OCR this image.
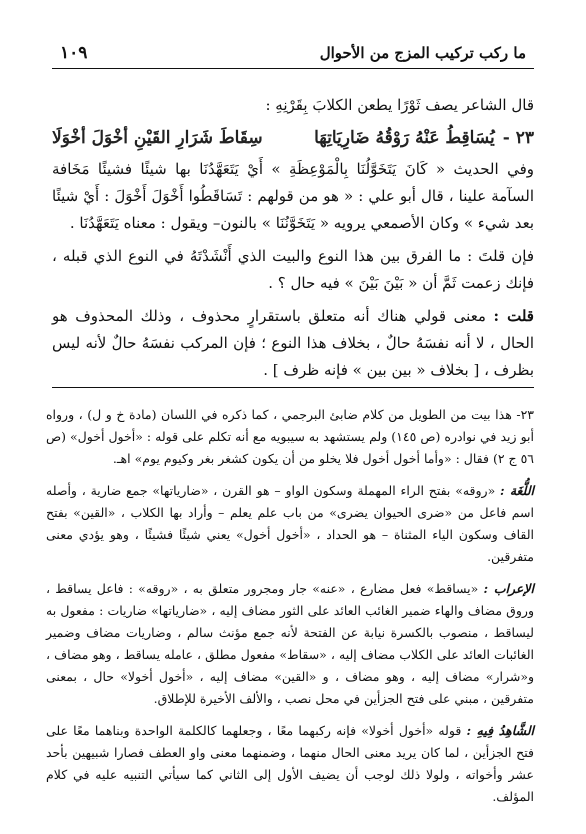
ما ركب تركيب المزج من الأحوال
١٠٩

قال الشاعر يصف ثَوْرًا يطعن الكلابَ بِقَرْنِهِ :

٢٣ -يُسَاقِطُ عَنْهُ رَوْقُهُ ضَارِيَاتِهَا
سِقَاطَ شَرَارِ القَيْنِ أخْوَلَ أخْوَلَا

وفي الحديث « كَانَ يَتَخَوَّلُنَا بِالْمَوْعِظَةِ » أَيْ يَتَعَهَّدُنَا بها شيئًا فشيئًا مَخَافة السآمة علينا ، قال أبو علي : « هو من قولهم : تَسَاقَطُوا أَخْوَلَ أَخْوَلَ : أَيْ شيئًا بعد شيء » وكان الأصمعي يرويه « يَتَخَوَّنُنَا » بالنون– ويقول : معناه يَتَعَهَّدُنَا .

فإن قلتَ : ما الفرق بين هذا النوع والبيت الذي أَنْشَدْتَهُ في النوع الذي قبله ، فإنك زعمت ثَمَّ أن « بَيْنَ بَيْنَ » فيه حال ؟ .

قلت : معنى قولي هناك أنه متعلق باستقرارٍ محذوف ، وذلك المحذوف هو الحال ، لا أنه نفسَهُ حالٌ ، بخلاف هذا النوع ؛ فإن المركب نفسَهُ حالٌ لأنه ليس بظرف ، [ بخلاف « بين بين » فإنه ظرف ] .

٢٣- هذا بيت من الطويل من كلام ضابئ البرجمي ، كما ذكره في اللسان (مادة خ و ل) ، ورواه أبو زيد في نوادره (ص ١٤٥) ولم يستشهد به سيبويه مع أنه تكلم على قوله : «أخول أخول» (ص ٥٦ ج ٢) فقال : «وأما أخول أخول فلا يخلو من أن يكون كشغر بغر وكيوم يوم» اهـ.

اللُّغَة : «روقه» بفتح الراء المهملة وسكون الواو – هو القرن ، «ضارياتها» جمع ضارية ، وأصله اسم فاعل من «ضرى الحيوان يضرى» من باب علم يعلم – وأراد بها الكلاب ، «القين» بفتح القاف وسكون الياء المثناة – هو الحداد ، «أخول أخول» يعني شيئًا فشيئًا ، وهو يؤدي معنى متفرقين.

الإعراب : «يساقط» فعل مضارع ، «عنه» جار ومجرور متعلق به ، «روقه» : فاعل يساقط ، وروق مضاف والهاء ضمير الغائب العائد على الثور مضاف إليه ، «ضارياتها» ضاريات : مفعول به ليساقط ، منصوب بالكسرة نيابة عن الفتحة لأنه جمع مؤنث سالم ، وضاريات مضاف وضمير الغائبات العائد على الكلاب مضاف إليه ، «سقاط» مفعول مطلق ، عامله يساقط ، وهو مضاف ، و«شرار» مضاف إليه ، وهو مضاف ، و «القين» مضاف إليه ، «أخول أخولا» حال ، بمعنى متفرقين ، مبني على فتح الجزأين في محل نصب ، والألف الأخيرة للإطلاق.

الشَّاهِدُ فِيهِ : قوله «أخول أخولا» فإنه ركبهما معًا ، وجعلهما كالكلمة الواحدة وبناهما معًا على فتح الجزأين ، لما كان يريد معنى الحال منهما ، وضمنهما معنى واو العطف فصارا شبيهين بأحد عشر وأخواته ، ولولا ذلك لوجب أن يضيف الأول إلى الثاني كما سيأتي التنبيه عليه في كلام المؤلف.
